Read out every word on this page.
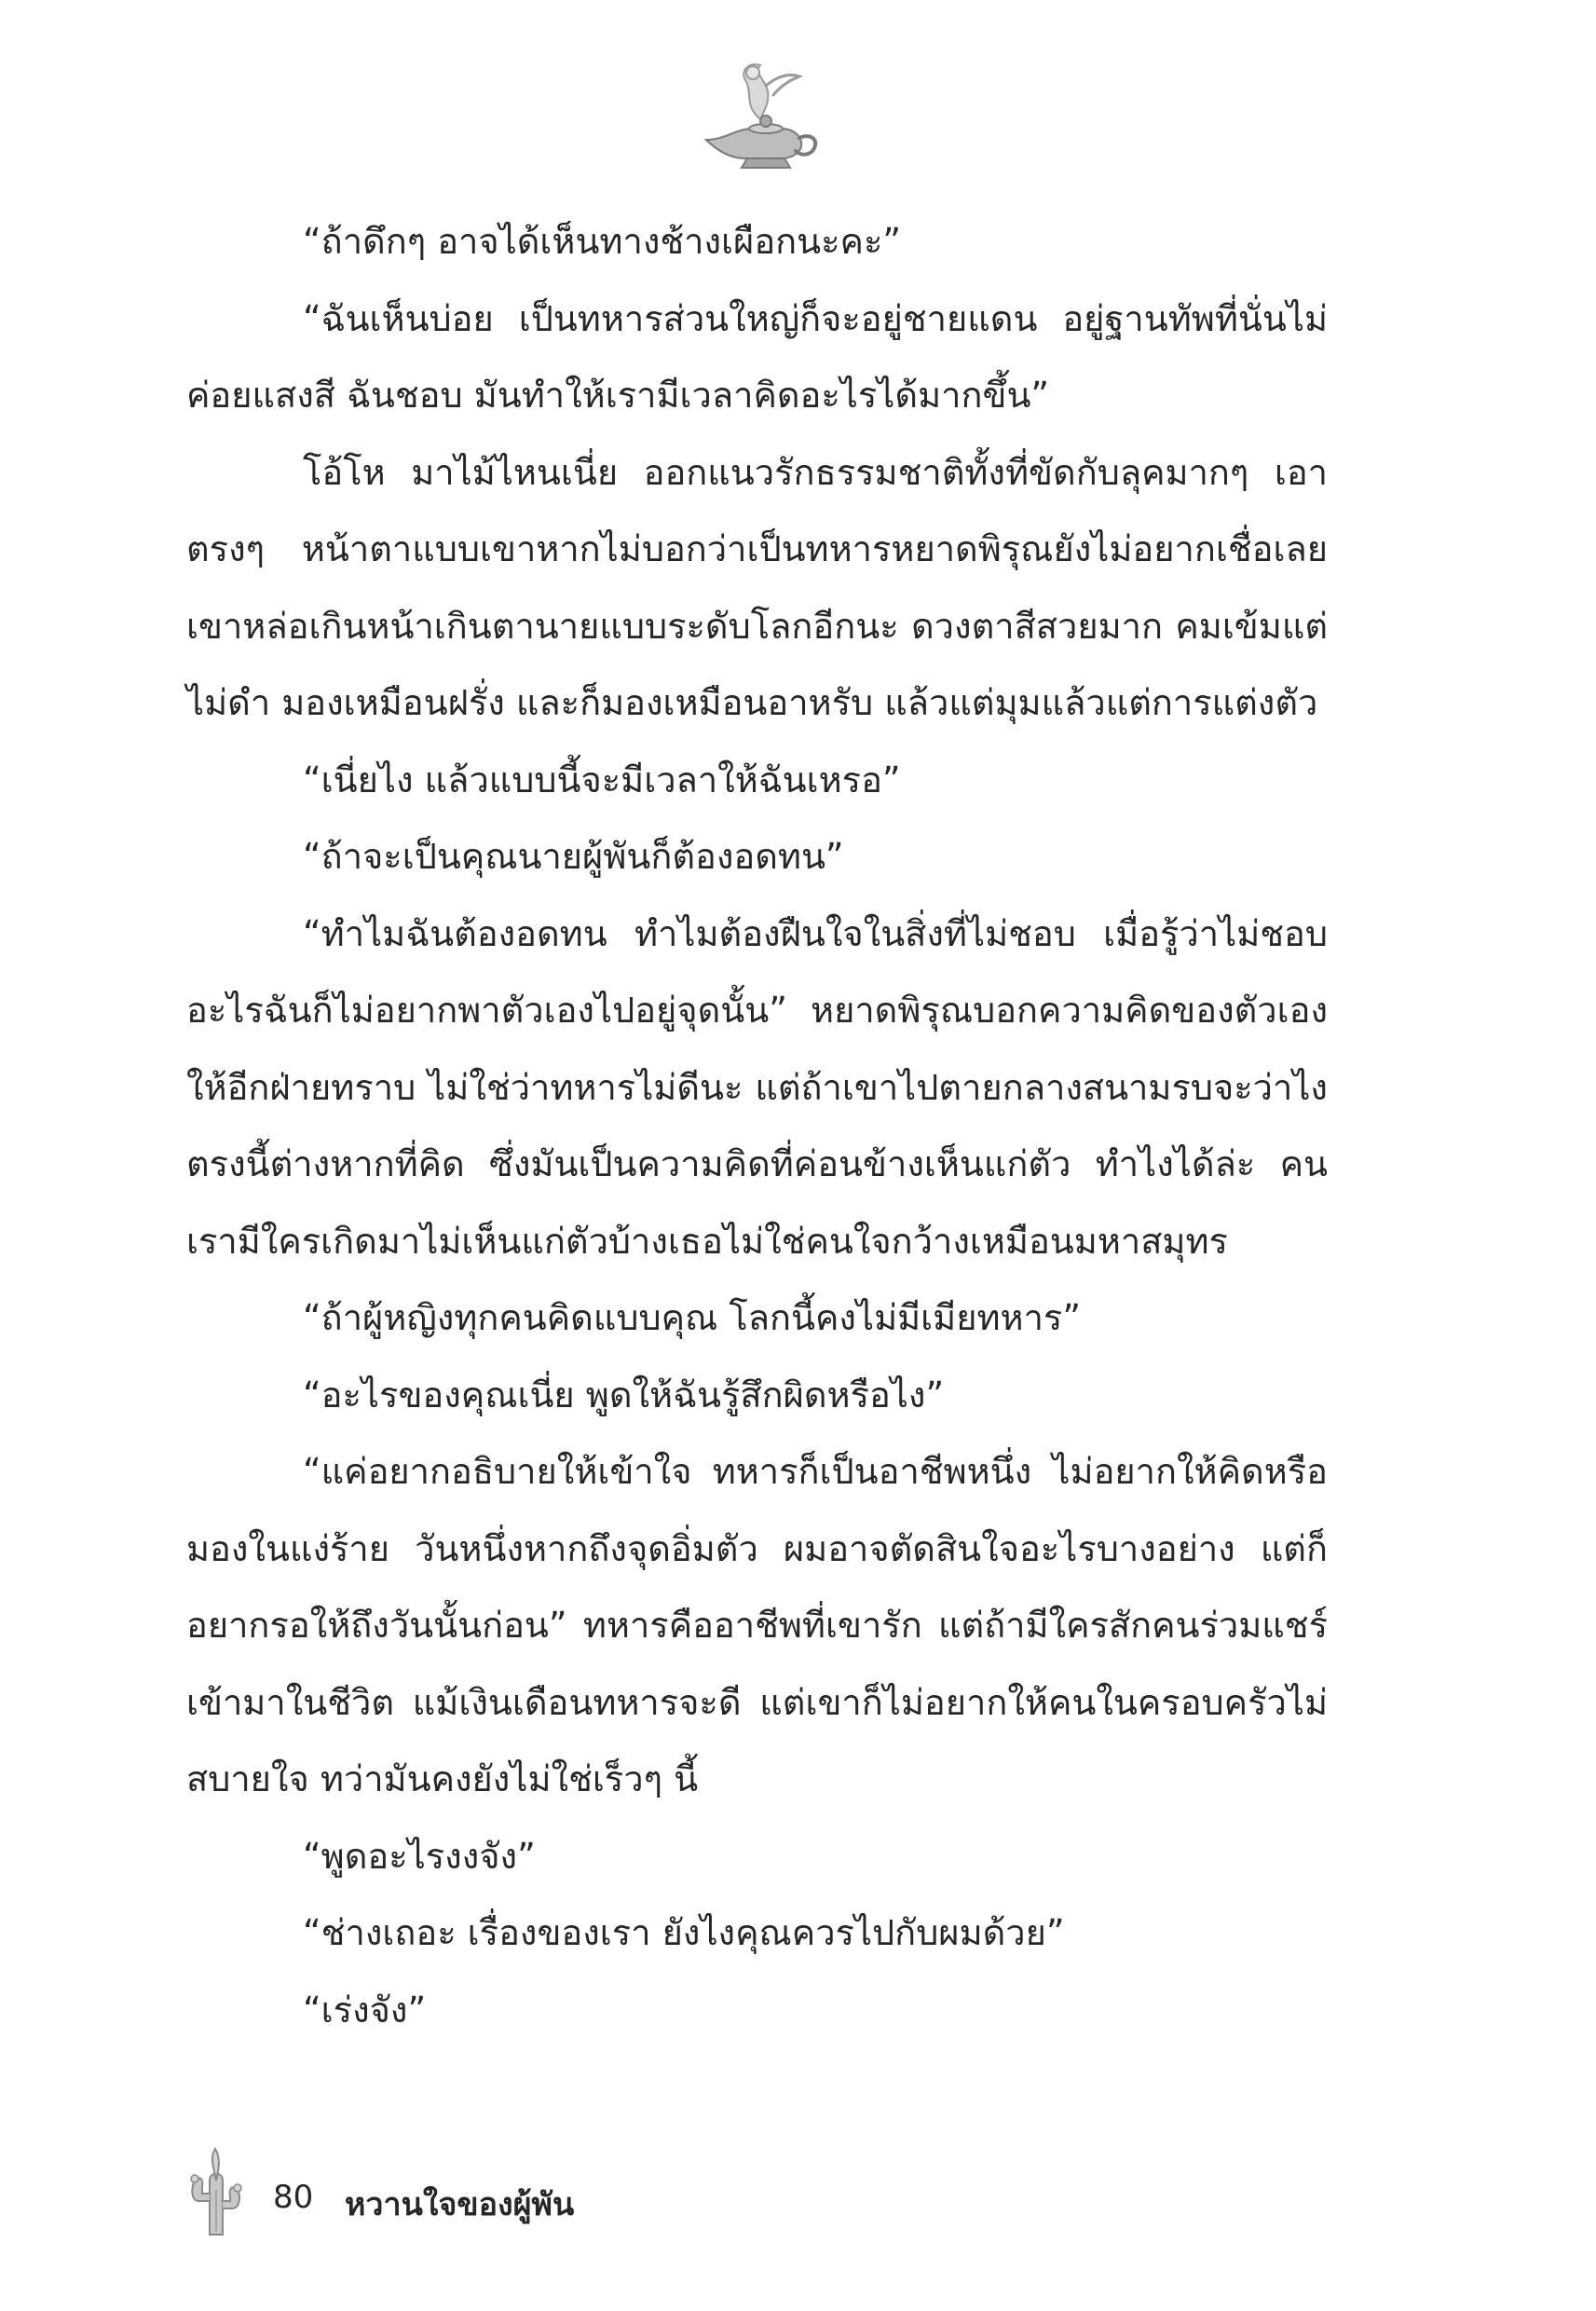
“ถ้าดึกๆ อาจได้เห็นทางช้างเผือกนะคะ”

“ฉันเห็นบ่อย เป็นทหารส่วนใหญ่ก็จะอยู่ชายแดน อยู่ฐานทัพที่นั่นไม่ค่อยแสงสี ฉันชอบ มันทำให้เรามีเวลาคิดอะไรได้มากขึ้น”

โอ้โห มาไม้ไหนเนี่ย ออกแนวรักธรรมชาติทั้งที่ขัดกับลุคมากๆ เอาตรงๆ หน้าตาแบบเขาหากไม่บอกว่าเป็นทหารหยาดพิรุณยังไม่อยากเชื่อเลย เขาหล่อเกินหน้าเกินตานายแบบระดับโลกอีกนะ ดวงตาสีสวยมาก คมเข้มแต่ไม่ดำ มองเหมือนฝรั่ง และก็มองเหมือนอาหรับ แล้วแต่มุมแล้วแต่การแต่งตัว

“เนี่ยไง แล้วแบบนี้จะมีเวลาให้ฉันเหรอ”

“ถ้าจะเป็นคุณนายผู้พันก็ต้องอดทน”

“ทำไมฉันต้องอดทน ทำไมต้องฝืนใจในสิ่งที่ไม่ชอบ เมื่อรู้ว่าไม่ชอบอะไรฉันก็ไม่อยากพาตัวเองไปอยู่จุดนั้น” หยาดพิรุณบอกความคิดของตัวเองให้อีกฝ่ายทราบ ไม่ใช่ว่าทหารไม่ดีนะ แต่ถ้าเขาไปตายกลางสนามรบจะว่าไง ตรงนี้ต่างหากที่คิด ซึ่งมันเป็นความคิดที่ค่อนข้างเห็นแก่ตัว ทำไงได้ล่ะ คนเรามีใครเกิดมาไม่เห็นแก่ตัวบ้างเธอไม่ใช่คนใจกว้างเหมือนมหาสมุทร

“ถ้าผู้หญิงทุกคนคิดแบบคุณ โลกนี้คงไม่มีเมียทหาร”

“อะไรของคุณเนี่ย พูดให้ฉันรู้สึกผิดหรือไง”

“แค่อยากอธิบายให้เข้าใจ ทหารก็เป็นอาชีพหนึ่ง ไม่อยากให้คิดหรือมองในแง่ร้าย วันหนึ่งหากถึงจุดอิ่มตัว ผมอาจตัดสินใจอะไรบางอย่าง แต่ก็อยากรอให้ถึงวันนั้นก่อน” ทหารคืออาชีพที่เขารัก แต่ถ้ามีใครสักคนร่วมแชร์เข้ามาในชีวิต แม้เงินเดือนทหารจะดี แต่เขาก็ไม่อยากให้คนในครอบครัวไม่สบายใจ ทว่ามันคงยังไม่ใช่เร็วๆ นี้

“พูดอะไรงงจัง”

“ช่างเถอะ เรื่องของเรา ยังไงคุณควรไปกับผมด้วย”

“เร่งจัง”

80 หวานใจของผู้พัน
